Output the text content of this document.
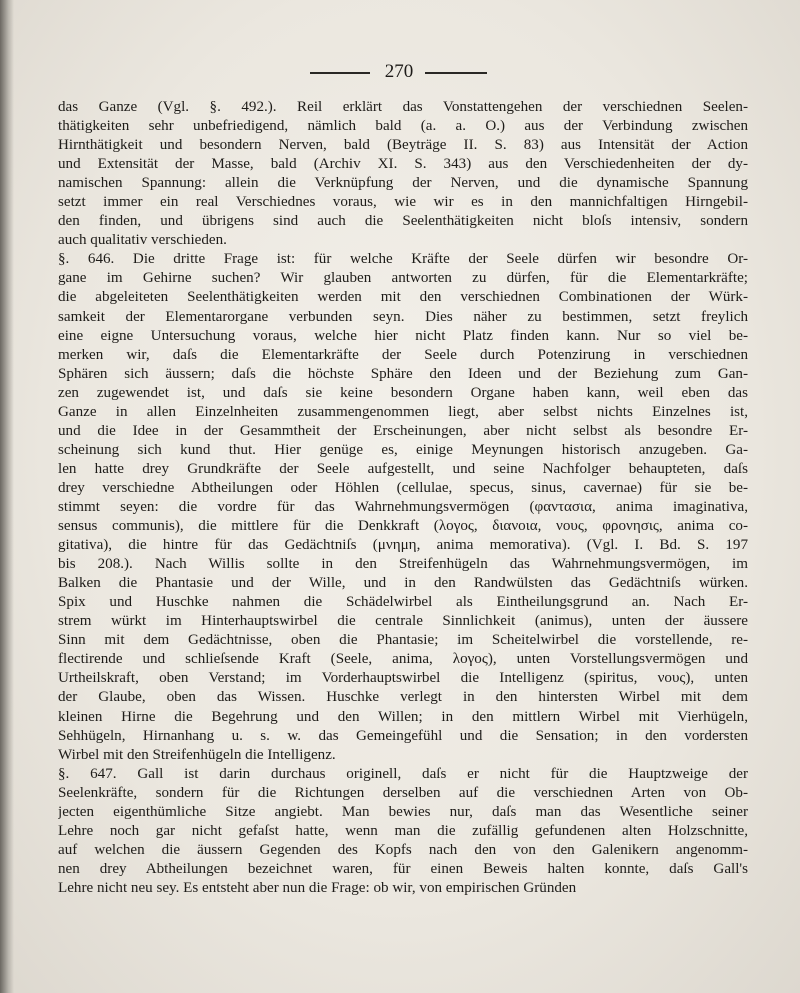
270

das Ganze (Vgl. §. 492.). Reil erklärt das Vonstattengehen der verschiednen Seelen-
thätigkeiten sehr unbefriedigend, nämlich bald (a. a. O.) aus der Verbindung zwischen
Hirnthätigkeit und besondern Nerven, bald (Beyträge II. S. 83) aus Intensität der Action
und Extensität der Masse, bald (Archiv XI. S. 343) aus den Verschiedenheiten der dy-
namischen Spannung: allein die Verknüpfung der Nerven, und die dynamische Spannung
setzt immer ein real Verschiednes voraus, wie wir es in den mannichfaltigen Hirngebil-
den finden, und übrigens sind auch die Seelenthätigkeiten nicht bloſs intensiv, sondern
auch qualitativ verschieden.

§. 646. Die dritte Frage ist: für welche Kräfte der Seele dürfen wir besondre Or-
gane im Gehirne suchen? Wir glauben antworten zu dürfen, für die Elementarkräfte;
die abgeleiteten Seelenthätigkeiten werden mit den verschiednen Combinationen der Würk-
samkeit der Elementarorgane verbunden seyn. Dies näher zu bestimmen, setzt freylich
eine eigne Untersuchung voraus, welche hier nicht Platz finden kann. Nur so viel be-
merken wir, daſs die Elementarkräfte der Seele durch Potenzirung in verschiednen
Sphären sich äussern; daſs die höchste Sphäre den Ideen und der Beziehung zum Gan-
zen zugewendet ist, und daſs sie keine besondern Organe haben kann, weil eben das
Ganze in allen Einzelnheiten zusammengenommen liegt, aber selbst nichts Einzelnes ist,
und die Idee in der Gesammtheit der Erscheinungen, aber nicht selbst als besondre Er-
scheinung sich kund thut. Hier genüge es, einige Meynungen historisch anzugeben. Ga-
len hatte drey Grundkräfte der Seele aufgestellt, und seine Nachfolger behaupteten, daſs
drey verschiedne Abtheilungen oder Höhlen (cellulae, specus, sinus, cavernae) für sie be-
stimmt seyen: die vordre für das Wahrnehmungsvermögen (φαντασια, anima imaginativa,
sensus communis), die mittlere für die Denkkraft (λογος, διανοια, νους, φρονησις, anima co-
gitativa), die hintre für das Gedächtniſs (μνημη, anima memorativa). (Vgl. I. Bd. S. 197
bis 208.). Nach Willis sollte in den Streifenhügeln das Wahrnehmungsvermögen, im
Balken die Phantasie und der Wille, und in den Randwülsten das Gedächtniſs würken.
Spix und Huschke nahmen die Schädelwirbel als Eintheilungsgrund an. Nach Er-
strem würkt im Hinterhauptswirbel die centrale Sinnlichkeit (animus), unten der äussere
Sinn mit dem Gedächtnisse, oben die Phantasie; im Scheitelwirbel die vorstellende, re-
flectirende und schlieſsende Kraft (Seele, anima, λογος), unten Vorstellungsvermögen und
Urtheilskraft, oben Verstand; im Vorderhauptswirbel die Intelligenz (spiritus, νους), unten
der Glaube, oben das Wissen. Huschke verlegt in den hintersten Wirbel mit dem
kleinen Hirne die Begehrung und den Willen; in den mittlern Wirbel mit Vierhügeln,
Sehhügeln, Hirnanhang u. s. w. das Gemeingefühl und die Sensation; in den vordersten
Wirbel mit den Streifenhügeln die Intelligenz.

§. 647. Gall ist darin durchaus originell, daſs er nicht für die Hauptzweige der
Seelenkräfte, sondern für die Richtungen derselben auf die verschiednen Arten von Ob-
jecten eigenthümliche Sitze angiebt. Man bewies nur, daſs man das Wesentliche seiner
Lehre noch gar nicht gefaſst hatte, wenn man die zufällig gefundenen alten Holzschnitte,
auf welchen die äussern Gegenden des Kopfs nach den von den Galenikern angenomm-
nen drey Abtheilungen bezeichnet waren, für einen Beweis halten konnte, daſs Gall's
Lehre nicht neu sey. Es entsteht aber nun die Frage: ob wir, von empirischen Gründen
